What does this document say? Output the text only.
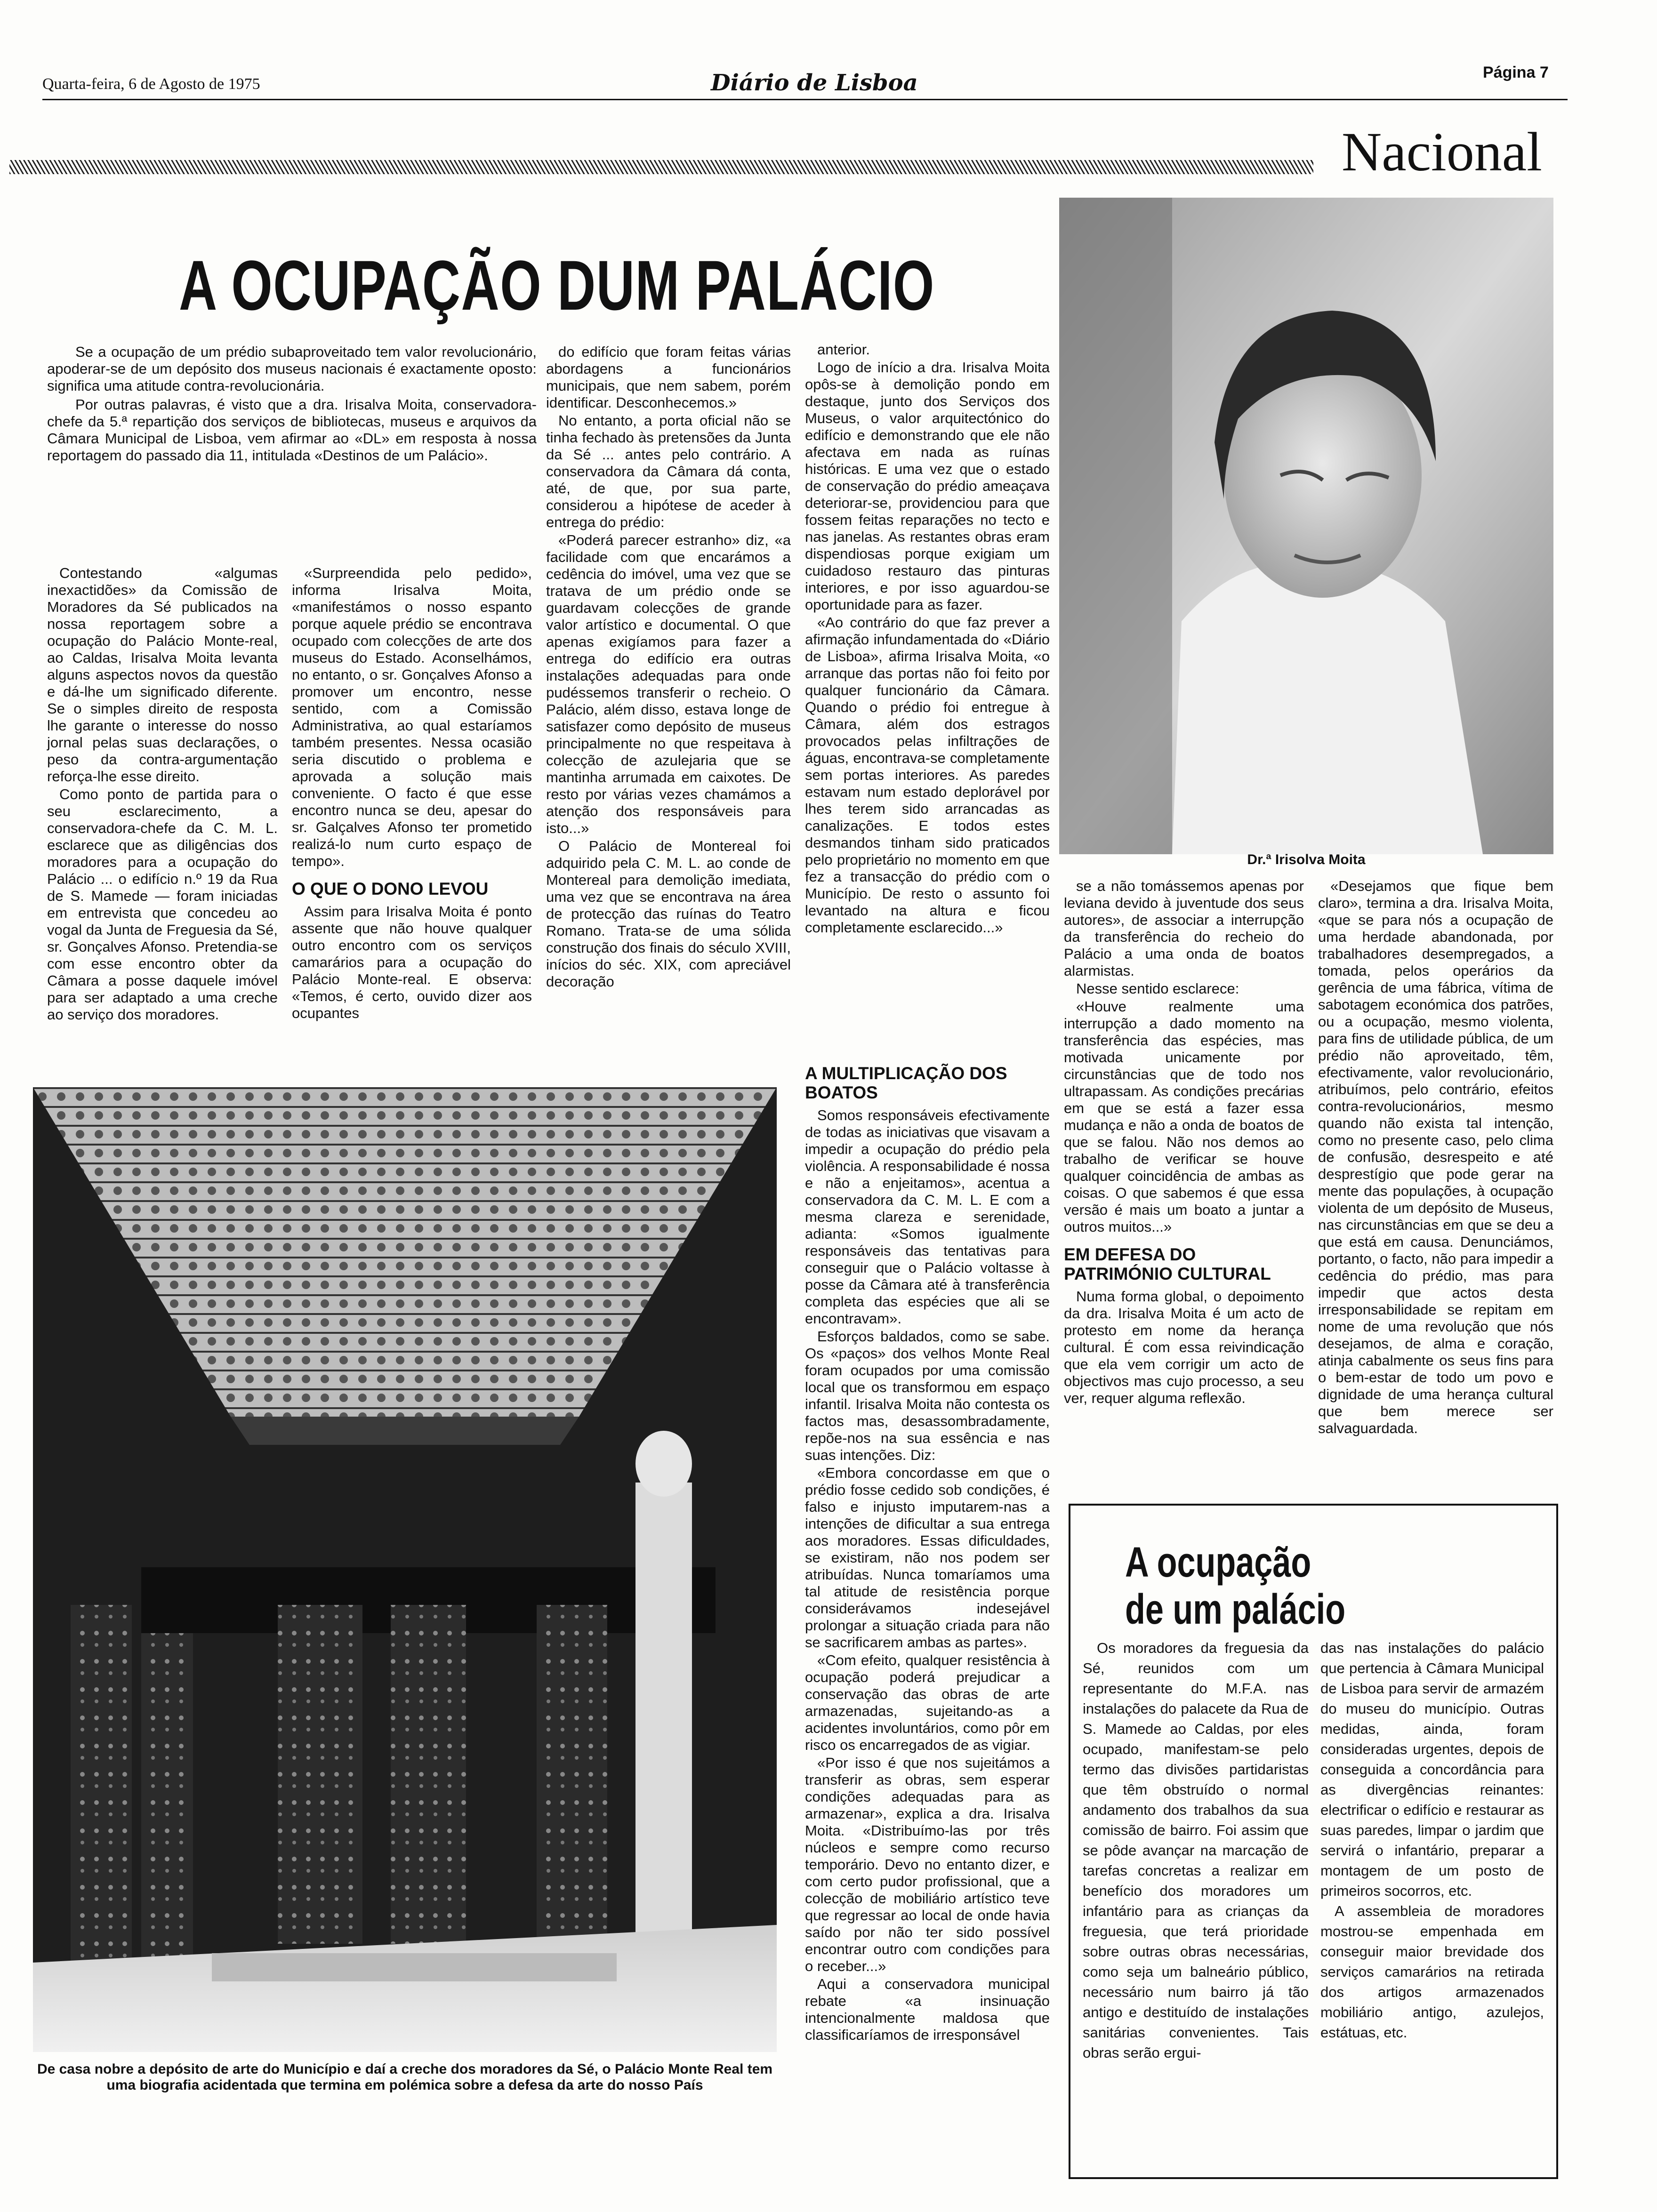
Quarta-feira, 6 de Agosto de 1975	Diário de Lisboa	Página 7
Nacional
A OCUPAÇÃO DUM PALÁCIO

Se a ocupação de um prédio subaproveitado tem valor revolucionário, apoderar-se de um depósito dos museus nacionais é exactamente oposto: significa uma atitude contra-revolucionária.

Por outras palavras, é visto que a dra. Irisalva Moita, conservadora-chefe da 5.ª repartição dos serviços de bibliotecas, museus e arquivos da Câmara Municipal de Lisboa, vem afirmar ao «DL» em resposta à nossa reportagem do passado dia 11, intitulada «Destinos de um Palácio».

Contestando «algumas inexactidões» da Comissão de Moradores da Sé publicados na nossa reportagem sobre a ocupação do Palácio Monte-real, ao Caldas, Irisalva Moita levanta alguns aspectos novos da questão e dá-lhe um significado diferente. Se o simples direito de resposta lhe garante o interesse do nosso jornal pelas suas declarações, o peso da contra-argumentação reforça-lhe esse direito.

Como ponto de partida para o seu esclarecimento, a conservadora-chefe da C. M. L. esclarece que as diligências dos moradores para a ocupação do Palácio ... o edifício n.º 19 da Rua de S. Mamede — foram iniciadas em entrevista que concedeu ao vogal da Junta de Freguesia da Sé, sr. Gonçalves Afonso. Pretendia-se com esse encontro obter da Câmara a posse daquele imóvel para ser adaptado a uma creche ao serviço dos moradores.

«Surpreendida pelo pedido», informa Irisalva Moita, «manifestámos o nosso espanto porque aquele prédio se encontrava ocupado com colecções de arte dos museus do Estado. Aconselhámos, no entanto, o sr. Gonçalves Afonso a promover um encontro, nesse sentido, com a Comissão Administrativa, ao qual estaríamos também presentes. Nessa ocasião seria discutido o problema e aprovada a solução mais conveniente. O facto é que esse encontro nunca se deu, apesar do sr. Galçalves Afonso ter prometido realizá-lo num curto espaço de tempo».

O QUE O DONO LEVOU

Assim para Irisalva Moita é ponto assente que não houve qualquer outro encontro com os serviços camarários para a ocupação do Palácio Monte-real. E observa: «Temos, é certo, ouvido dizer aos ocupantes

do edifício que foram feitas várias abordagens a funcionários municipais, que nem sabem, porém identificar. Desconhecemos.»

No entanto, a porta oficial não se tinha fechado às pretensões da Junta da Sé ... antes pelo contrário. A conservadora da Câmara dá conta, até, de que, por sua parte, considerou a hipótese de aceder à entrega do prédio:

«Poderá parecer estranho» diz, «a facilidade com que encarámos a cedência do imóvel, uma vez que se tratava de um prédio onde se guardavam colecções de grande valor artístico e documental. O que apenas exigíamos para fazer a entrega do edifício era outras instalações adequadas para onde pudéssemos transferir o recheio. O Palácio, além disso, estava longe de satisfazer como depósito de museus principalmente no que respeitava à colecção de azulejaria que se mantinha arrumada em caixotes. De resto por várias vezes chamámos a atenção dos responsáveis para isto...»

O Palácio de Montereal foi adquirido pela C. M. L. ao conde de Montereal para demolição imediata, uma vez que se encontrava na área de protecção das ruínas do Teatro Romano. Trata-se de uma sólida construção dos finais do século XVIII, inícios do séc. XIX, com apreciável decoração

anterior.

Logo de início a dra. Irisalva Moita opôs-se à demolição pondo em destaque, junto dos Serviços dos Museus, o valor arquitectónico do edifício e demonstrando que ele não afectava em nada as ruínas históricas. E uma vez que o estado de conservação do prédio ameaçava deteriorar-se, providenciou para que fossem feitas reparações no tecto e nas janelas. As restantes obras eram dispendiosas porque exigiam um cuidadoso restauro das pinturas interiores, e por isso aguardou-se oportunidade para as fazer.

«Ao contrário do que faz prever a afirmação infundamentada do «Diário de Lisboa», afirma Irisalva Moita, «o arranque das portas não foi feito por qualquer funcionário da Câmara. Quando o prédio foi entregue à Câmara, além dos estragos provocados pelas infiltrações de águas, encontrava-se completamente sem portas interiores. As paredes estavam num estado deplorável por lhes terem sido arrancadas as canalizações. E todos estes desmandos tinham sido praticados pelo proprietário no momento em que fez a transacção do prédio com o Município. De resto o assunto foi levantado na altura e ficou completamente esclarecido...»

A MULTIPLICAÇÃO DOS BOATOS

Somos responsáveis efectivamente de todas as iniciativas que visavam a impedir a ocupação do prédio pela violência. A responsabilidade é nossa e não a enjeitamos», acentua a conservadora da C. M. L. E com a mesma clareza e serenidade, adianta: «Somos igualmente responsáveis das tentativas para conseguir que o Palácio voltasse à posse da Câmara até à transferência completa das espécies que ali se encontravam».

Esforços baldados, como se sabe. Os «paços» dos velhos Monte Real foram ocupados por uma comissão local que os transformou em espaço infantil. Irisalva Moita não contesta os factos mas, desassombradamente, repõe-nos na sua essência e nas suas intenções. Diz:

«Embora concordasse em que o prédio fosse cedido sob condições, é falso e injusto imputarem-nas a intenções de dificultar a sua entrega aos moradores. Essas dificuldades, se existiram, não nos podem ser atribuídas. Nunca tomaríamos uma tal atitude de resistência porque considerávamos indesejável prolongar a situação criada para não se sacrificarem ambas as partes».

«Com efeito, qualquer resistência à ocupação poderá prejudicar a conservação das obras de arte armazenadas, sujeitando-as a acidentes involuntários, como pôr em risco os encarregados de as vigiar.

«Por isso é que nos sujeitámos a transferir as obras, sem esperar condições adequadas para as armazenar», explica a dra. Irisalva Moita. «Distribuímo-las por três núcleos e sempre como recurso temporário. Devo no entanto dizer, e com certo pudor profissional, que a colecção de mobiliário artístico teve que regressar ao local de onde havia saído por não ter sido possível encontrar outro com condições para o receber...»

Aqui a conservadora municipal rebate «a insinuação intencionalmente maldosa que classificaríamos de irresponsável

se a não tomássemos apenas por leviana devido à juventude dos seus autores», de associar a interrupção da transferência do recheio do Palácio a uma onda de boatos alarmistas.

Nesse sentido esclarece:

«Houve realmente uma interrupção a dado momento na transferência das espécies, mas motivada unicamente por circunstâncias que de todo nos ultrapassam. As condições precárias em que se está a fazer essa mudança e não a onda de boatos de que se falou. Não nos demos ao trabalho de verificar se houve qualquer coincidência de ambas as coisas. O que sabemos é que essa versão é mais um boato a juntar a outros muitos...»

EM DEFESA DO PATRIMÓNIO CULTURAL

Numa forma global, o depoimento da dra. Irisalva Moita é um acto de protesto em nome da herança cultural. É com essa reivindicação que ela vem corrigir um acto de objectivos mas cujo processo, a seu ver, requer alguma reflexão.

«Desejamos que fique bem claro», termina a dra. Irisalva Moita, «que se para nós a ocupação de uma herdade abandonada, por trabalhadores desempregados, a tomada, pelos operários da gerência de uma fábrica, vítima de sabotagem económica dos patrões, ou a ocupação, mesmo violenta, para fins de utilidade pública, de um prédio não aproveitado, têm, efectivamente, valor revolucionário, atribuímos, pelo contrário, efeitos contra-revolucionários, mesmo quando não exista tal intenção, como no presente caso, pelo clima de confusão, desrespeito e até desprestígio que pode gerar na mente das populações, à ocupação violenta de um depósito de Museus, nas circunstâncias em que se deu a que está em causa. Denunciámos, portanto, o facto, não para impedir a cedência do prédio, mas para impedir que actos desta irresponsabilidade se repitam em nome de uma revolução que nós desejamos, de alma e coração, atinja cabalmente os seus fins para o bem-estar de todo um povo e dignidade de uma herança cultural que bem merece ser salvaguardada.

Dr.ª Irisolva Moita
De casa nobre a depósito de arte do Município e daí a creche dos moradores da Sé, o Palácio Monte Real tem uma biografia acidentada que termina em polémica sobre a defesa da arte do nosso País
A ocupação
de um palácio

Os moradores da freguesia da Sé, reunidos com um representante do M.F.A. nas instalações do palacete da Rua de S. Mamede ao Caldas, por eles ocupado, manifestam-se pelo termo das divisões partidaristas que têm obstruído o normal andamento dos trabalhos da sua comissão de bairro. Foi assim que se pôde avançar na marcação de tarefas concretas a realizar em benefício dos moradores um infantário para as crianças da freguesia, que terá prioridade sobre outras obras necessárias, como seja um balneário público, necessário num bairro já tão antigo e destituído de instalações sanitárias convenientes. Tais obras serão ergui-

das nas instalações do palácio que pertencia à Câmara Municipal de Lisboa para servir de armazém do museu do município. Outras medidas, ainda, foram consideradas urgentes, depois de conseguida a concordância para as divergências reinantes: electrificar o edifício e restaurar as suas paredes, limpar o jardim que servirá o infantário, preparar a montagem de um posto de primeiros socorros, etc.

A assembleia de moradores mostrou-se empenhada em conseguir maior brevidade dos serviços camarários na retirada dos artigos armazenados mobiliário antigo, azulejos, estátuas, etc.
